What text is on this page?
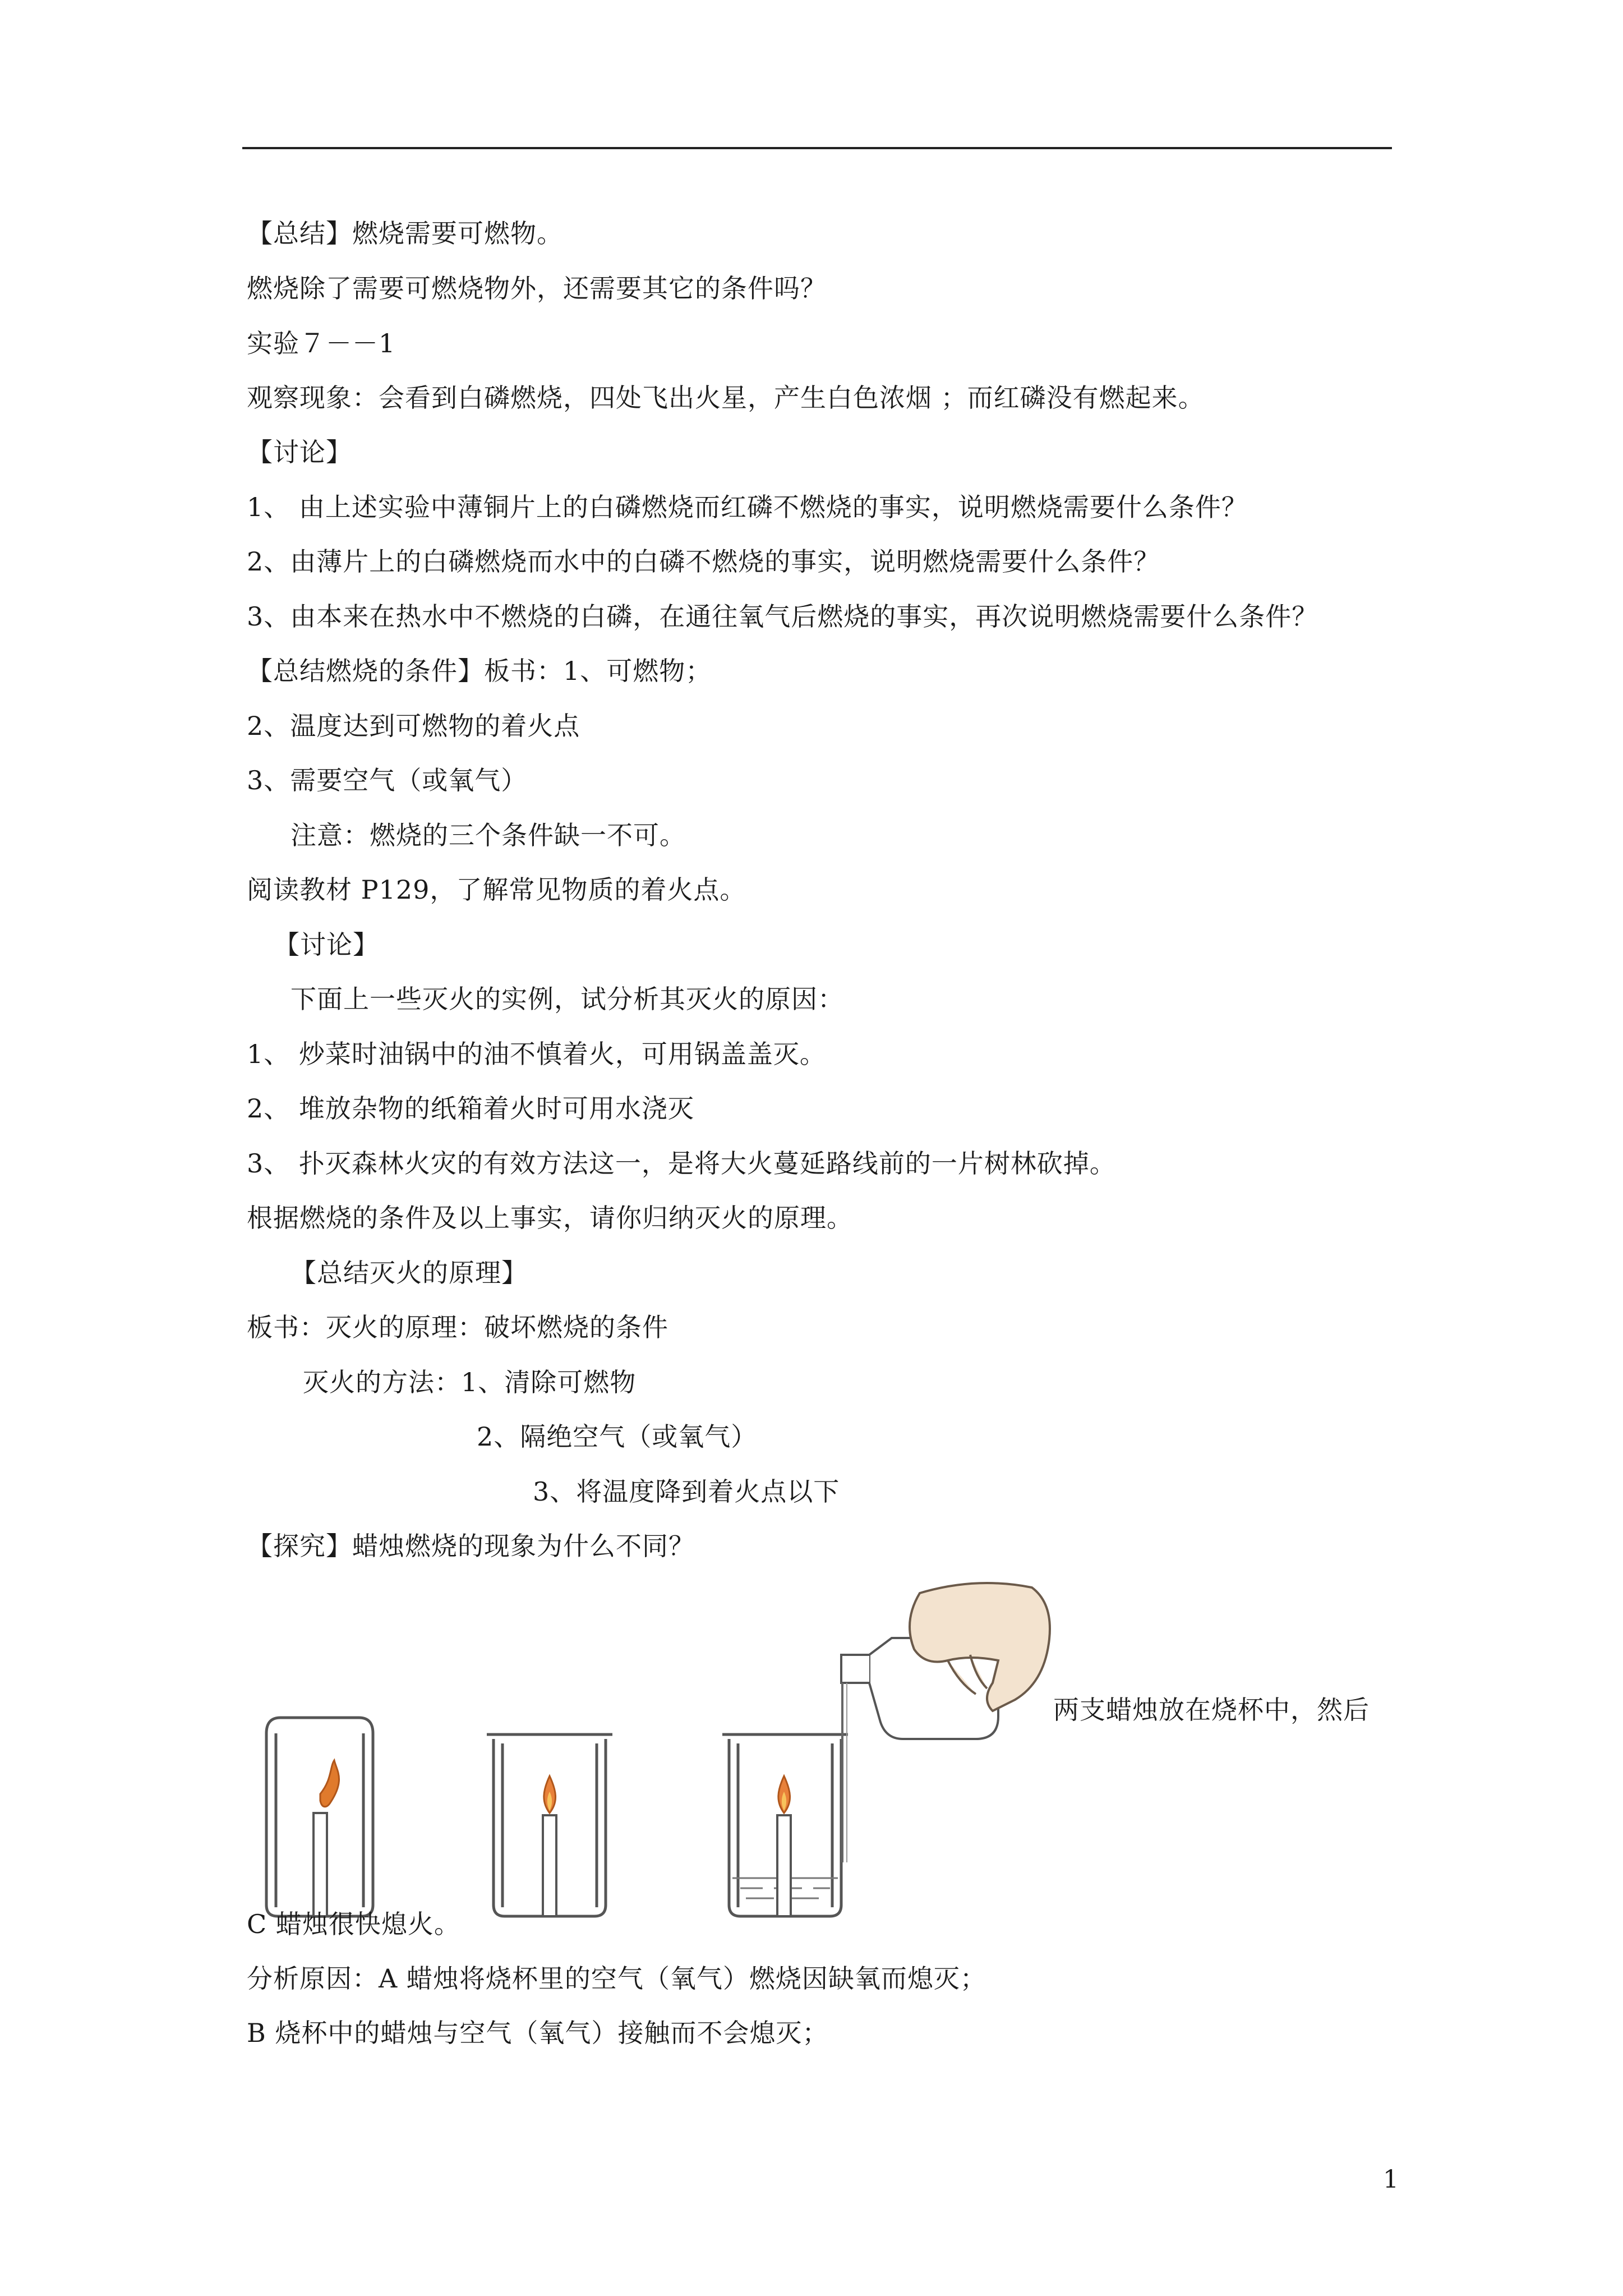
【总结】燃烧需要可燃物。
燃烧除了需要可燃烧物外，还需要其它的条件吗？
实验７－－1
观察现象：会看到白磷燃烧，四处飞出火星，产生白色浓烟 ；而红磷没有燃起来。
【讨论】
1、 由上述实验中薄铜片上的白磷燃烧而红磷不燃烧的事实，说明燃烧需要什么条件？
2、由薄片上的白磷燃烧而水中的白磷不燃烧的事实，说明燃烧需要什么条件？
3、由本来在热水中不燃烧的白磷，在通往氧气后燃烧的事实，再次说明燃烧需要什么条件？
【总结燃烧的条件】板书：1、可燃物；
2、温度达到可燃物的着火点
3、需要空气（或氧气）
注意：燃烧的三个条件缺一不可。
阅读教材 P129，了解常见物质的着火点。
【讨论】
下面上一些灭火的实例，试分析其灭火的原因：
1、 炒菜时油锅中的油不慎着火，可用锅盖盖灭。
2、 堆放杂物的纸箱着火时可用水浇灭
3、 扑灭森林火灾的有效方法这一，是将大火蔓延路线前的一片树林砍掉。
根据燃烧的条件及以上事实，请你归纳灭火的原理。
【总结灭火的原理】
板书：灭火的原理：破坏燃烧的条件
灭火的方法：1、清除可燃物
2、隔绝空气（或氧气）
3、将温度降到着火点以下
【探究】蜡烛燃烧的现象为什么不同？
两支蜡烛放在烧杯中，然后
C 蜡烛很快熄火。
分析原因：A 蜡烛将烧杯里的空气（氧气）燃烧因缺氧而熄灭；
B 烧杯中的蜡烛与空气（氧气）接触而不会熄灭；
1
